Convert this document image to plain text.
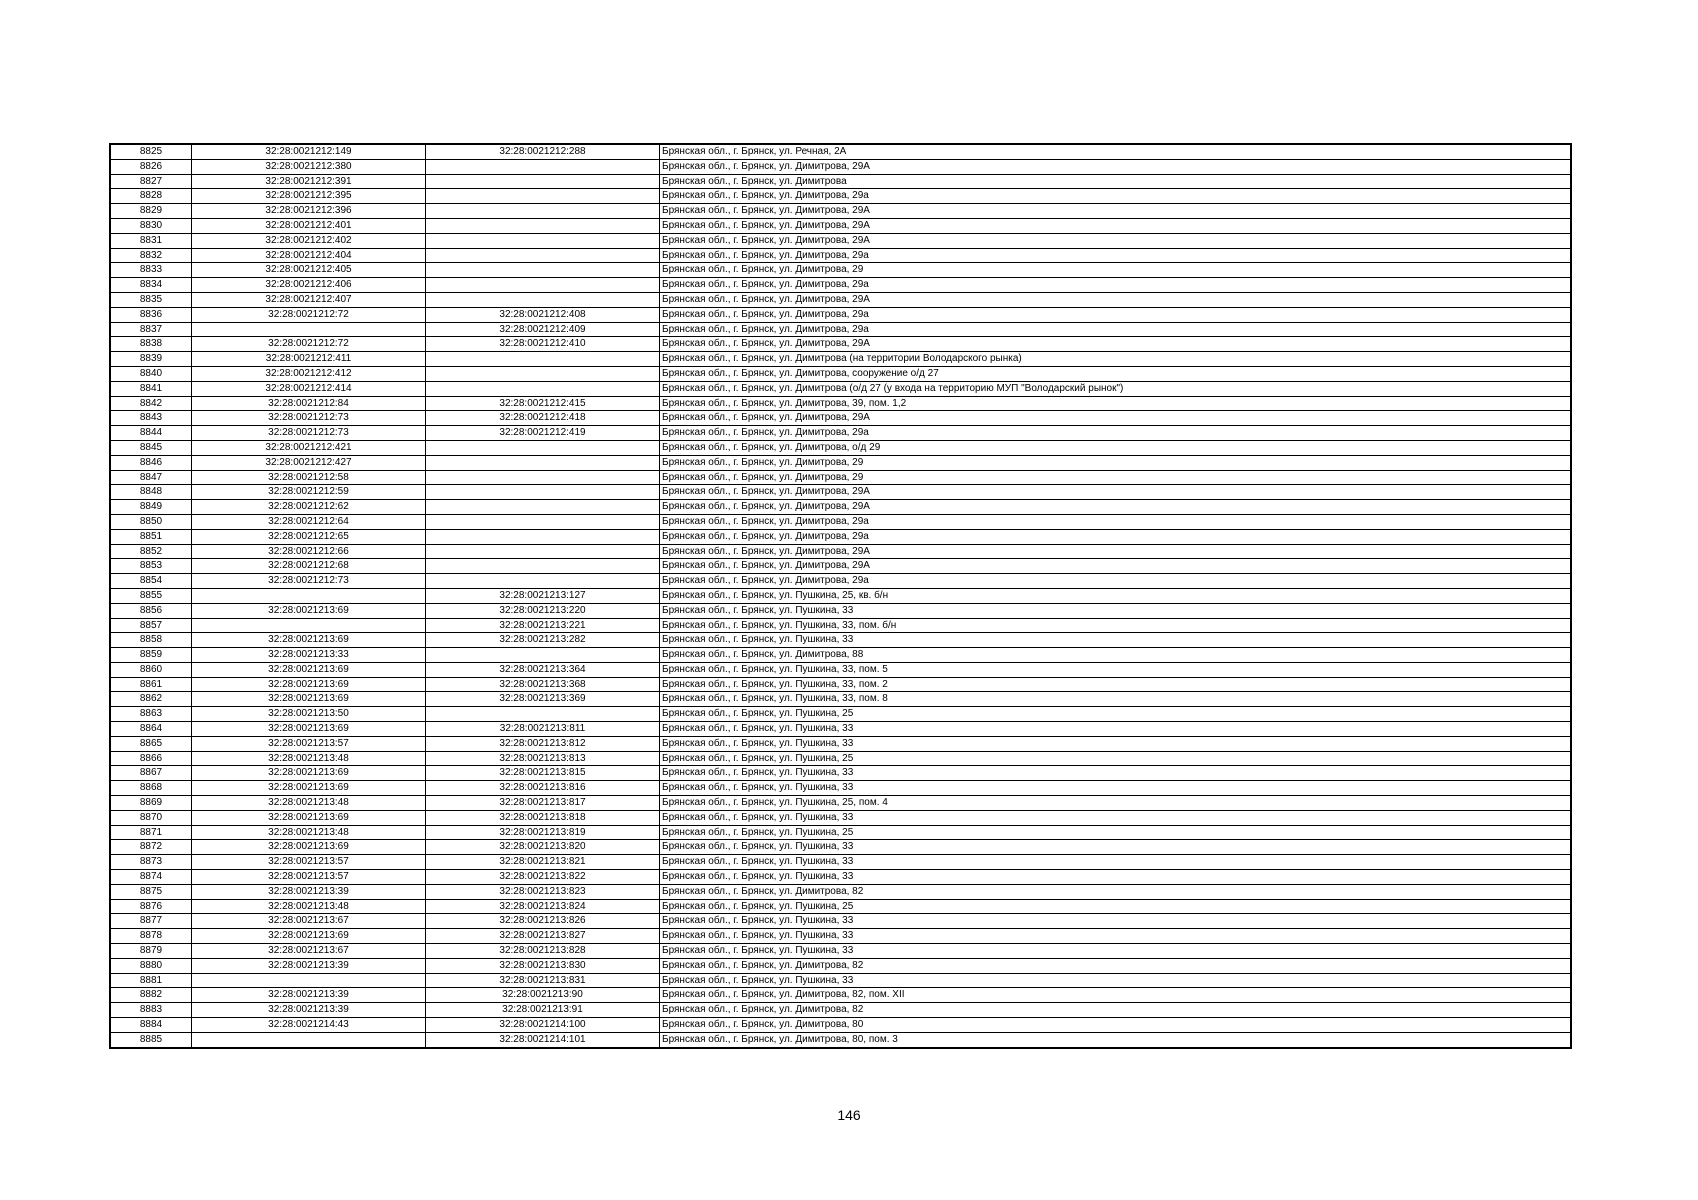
8825	32:28:0021212:149	32:28:0021212:288	Брянская обл., г. Брянск, ул. Речная, 2А
8826	32:28:0021212:380		Брянская обл., г. Брянск, ул. Димитрова, 29А
8827	32:28:0021212:391		Брянская обл., г. Брянск, ул. Димитрова
8828	32:28:0021212:395		Брянская обл., г. Брянск, ул. Димитрова, 29а
8829	32:28:0021212:396		Брянская обл., г. Брянск, ул. Димитрова, 29А
8830	32:28:0021212:401		Брянская обл., г. Брянск, ул. Димитрова, 29А
8831	32:28:0021212:402		Брянская обл., г. Брянск, ул. Димитрова, 29А
8832	32:28:0021212:404		Брянская обл., г. Брянск, ул. Димитрова, 29а
8833	32:28:0021212:405		Брянская обл., г. Брянск, ул. Димитрова, 29
8834	32:28:0021212:406		Брянская обл., г. Брянск, ул. Димитрова, 29а
8835	32:28:0021212:407		Брянская обл., г. Брянск, ул. Димитрова, 29А
8836	32:28:0021212:72	32:28:0021212:408	Брянская обл., г. Брянск, ул. Димитрова, 29а
8837		32:28:0021212:409	Брянская обл., г. Брянск, ул. Димитрова, 29а
8838	32:28:0021212:72	32:28:0021212:410	Брянская обл., г. Брянск, ул. Димитрова, 29А
8839	32:28:0021212:411		Брянская обл., г. Брянск, ул. Димитрова (на территории Володарского рынка)
8840	32:28:0021212:412		Брянская обл., г. Брянск, ул. Димитрова, сооружение о/д 27
8841	32:28:0021212:414		Брянская обл., г. Брянск, ул. Димитрова (о/д 27 (у входа на территорию МУП "Володарский рынок")
8842	32:28:0021212:84	32:28:0021212:415	Брянская обл., г. Брянск, ул. Димитрова, 39, пом. 1,2
8843	32:28:0021212:73	32:28:0021212:418	Брянская обл., г. Брянск, ул. Димитрова, 29А
8844	32:28:0021212:73	32:28:0021212:419	Брянская обл., г. Брянск, ул. Димитрова, 29а
8845	32:28:0021212:421		Брянская обл., г. Брянск, ул. Димитрова, о/д 29
8846	32:28:0021212:427		Брянская обл., г. Брянск, ул. Димитрова, 29
8847	32:28:0021212:58		Брянская обл., г. Брянск, ул. Димитрова, 29
8848	32:28:0021212:59		Брянская обл., г. Брянск, ул. Димитрова, 29А
8849	32:28:0021212:62		Брянская обл., г. Брянск, ул. Димитрова, 29А
8850	32:28:0021212:64		Брянская обл., г. Брянск, ул. Димитрова, 29а
8851	32:28:0021212:65		Брянская обл., г. Брянск, ул. Димитрова, 29а
8852	32:28:0021212:66		Брянская обл., г. Брянск, ул. Димитрова, 29А
8853	32:28:0021212:68		Брянская обл., г. Брянск, ул. Димитрова, 29А
8854	32:28:0021212:73		Брянская обл., г. Брянск, ул. Димитрова, 29а
8855		32:28:0021213:127	Брянская обл., г. Брянск, ул. Пушкина, 25, кв. б/н
8856	32:28:0021213:69	32:28:0021213:220	Брянская обл., г. Брянск, ул. Пушкина, 33
8857		32:28:0021213:221	Брянская обл., г. Брянск, ул. Пушкина, 33, пом. б/н
8858	32:28:0021213:69	32:28:0021213:282	Брянская обл., г. Брянск, ул. Пушкина, 33
8859	32:28:0021213:33		Брянская обл., г. Брянск, ул. Димитрова, 88
8860	32:28:0021213:69	32:28:0021213:364	Брянская обл., г. Брянск, ул. Пушкина, 33, пом. 5
8861	32:28:0021213:69	32:28:0021213:368	Брянская обл., г. Брянск, ул. Пушкина, 33, пом. 2
8862	32:28:0021213:69	32:28:0021213:369	Брянская обл., г. Брянск, ул. Пушкина, 33, пом. 8
8863	32:28:0021213:50		Брянская обл., г. Брянск, ул. Пушкина, 25
8864	32:28:0021213:69	32:28:0021213:811	Брянская обл., г. Брянск, ул. Пушкина, 33
8865	32:28:0021213:57	32:28:0021213:812	Брянская обл., г. Брянск, ул. Пушкина, 33
8866	32:28:0021213:48	32:28:0021213:813	Брянская обл., г. Брянск, ул. Пушкина, 25
8867	32:28:0021213:69	32:28:0021213:815	Брянская обл., г. Брянск, ул. Пушкина, 33
8868	32:28:0021213:69	32:28:0021213:816	Брянская обл., г. Брянск, ул. Пушкина, 33
8869	32:28:0021213:48	32:28:0021213:817	Брянская обл., г. Брянск, ул. Пушкина, 25, пом. 4
8870	32:28:0021213:69	32:28:0021213:818	Брянская обл., г. Брянск, ул. Пушкина, 33
8871	32:28:0021213:48	32:28:0021213:819	Брянская обл., г. Брянск, ул. Пушкина, 25
8872	32:28:0021213:69	32:28:0021213:820	Брянская обл., г. Брянск, ул. Пушкина, 33
8873	32:28:0021213:57	32:28:0021213:821	Брянская обл., г. Брянск, ул. Пушкина, 33
8874	32:28:0021213:57	32:28:0021213:822	Брянская обл., г. Брянск, ул. Пушкина, 33
8875	32:28:0021213:39	32:28:0021213:823	Брянская обл., г. Брянск, ул. Димитрова, 82
8876	32:28:0021213:48	32:28:0021213:824	Брянская обл., г. Брянск, ул. Пушкина, 25
8877	32:28:0021213:67	32:28:0021213:826	Брянская обл., г. Брянск, ул. Пушкина, 33
8878	32:28:0021213:69	32:28:0021213:827	Брянская обл., г. Брянск, ул. Пушкина, 33
8879	32:28:0021213:67	32:28:0021213:828	Брянская обл., г. Брянск, ул. Пушкина, 33
8880	32:28:0021213:39	32:28:0021213:830	Брянская обл., г. Брянск, ул. Димитрова, 82
8881		32:28:0021213:831	Брянская обл., г. Брянск, ул. Пушкина, 33
8882	32:28:0021213:39	32:28:0021213:90	Брянская обл., г. Брянск, ул. Димитрова, 82, пом. XII
8883	32:28:0021213:39	32:28:0021213:91	Брянская обл., г. Брянск, ул. Димитрова, 82
8884	32:28:0021214:43	32:28:0021214:100	Брянская обл., г. Брянск, ул. Димитрова, 80
8885		32:28:0021214:101	Брянская обл., г. Брянск, ул. Димитрова, 80, пом. 3
146
